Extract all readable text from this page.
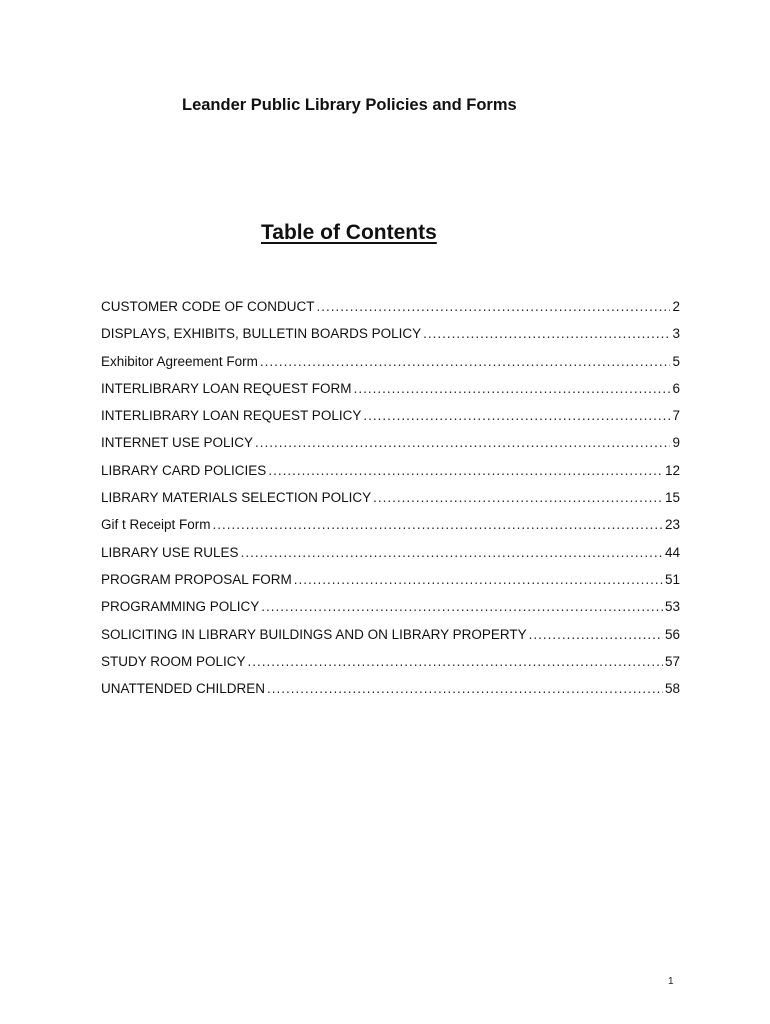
Leander Public Library Policies and Forms
Table of Contents
CUSTOMER CODE OF CONDUCT .....	2
DISPLAYS, EXHIBITS, BULLETIN BOARDS POLICY .....	3
Exhibitor Agreement Form .....	5
INTERLIBRARY LOAN REQUEST FORM .....	6
INTERLIBRARY LOAN REQUEST POLICY .....	7
INTERNET USE POLICY .....	9
LIBRARY CARD POLICIES .....	12
LIBRARY MATERIALS SELECTION POLICY .....	15
Gif t Receipt Form .....	23
LIBRARY USE RULES .....	44
PROGRAM PROPOSAL FORM .....	51
PROGRAMMING POLICY .....	53
SOLICITING IN LIBRARY BUILDINGS AND ON LIBRARY PROPERTY .....	56
STUDY ROOM POLICY .....	57
UNATTENDED CHILDREN .....	58
1
